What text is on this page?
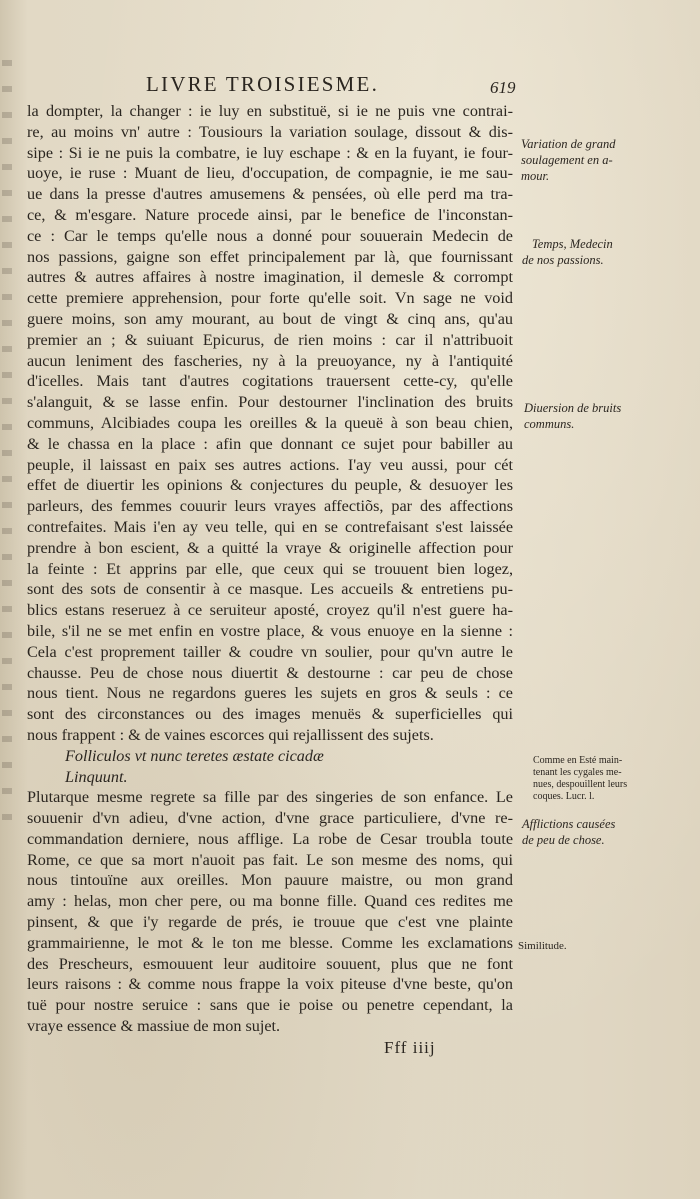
LIVRE TROISIESME.	619
la dompter, la changer : ie luy en substituë, si ie ne puis vne contrai-
re, au moins vn' autre : Tousiours la variation soulage, dissout & dis-
sipe : Si ie ne puis la combatre, ie luy eschape : & en la fuyant, ie four-
uoye, ie ruse : Muant de lieu, d'occupation, de compagnie, ie me sau-
ue dans la presse d'autres amusemens & pensées, où elle perd ma tra-
ce, & m'esgare. Nature procede ainsi, par le benefice de l'inconstan-
ce : Car le temps qu'elle nous a donné pour souuerain Medecin de
nos passions, gaigne son effet principalement par là, que fournissant
autres & autres affaires à nostre imagination, il demesle & corrompt
cette premiere apprehension, pour forte qu'elle soit. Vn sage ne void
guere moins, son amy mourant, au bout de vingt & cinq ans, qu'au
premier an ; & suiuant Epicurus, de rien moins : car il n'attribuoit
aucun leniment des fascheries, ny à la preuoyance, ny à l'antiquité
d'icelles. Mais tant d'autres cogitations trauersent cette-cy, qu'elle
s'alanguit, & se lasse enfin. Pour destourner l'inclination des bruits
communs, Alcibiades coupa les oreilles & la queuë à son beau chien,
& le chassa en la place : afin que donnant ce sujet pour babiller au
peuple, il laissast en paix ses autres actions. I'ay veu aussi, pour cét
effet de diuertir les opinions & conjectures du peuple, & desuoyer les
parleurs, des femmes couurir leurs vrayes affectiõs, par des affections
contrefaites. Mais i'en ay veu telle, qui en se contrefaisant s'est laissée
prendre à bon escient, & a quitté la vraye & originelle affection pour
la feinte : Et apprins par elle, que ceux qui se trouuent bien logez,
sont des sots de consentir à ce masque. Les accueils & entretiens pu-
blics estans reseruez à ce seruiteur aposté, croyez qu'il n'est guere ha-
bile, s'il ne se met enfin en vostre place, & vous enuoye en la sienne :
Cela c'est proprement tailler & coudre vn soulier, pour qu'vn autre le
chausse. Peu de chose nous diuertit & destourne : car peu de chose
nous tient. Nous ne regardons gueres les sujets en gros & seuls : ce
sont des circonstances ou des images menuës & superficielles qui
nous frappent : & de vaines escorces qui rejallissent des sujets.
Folliculos vt nunc teretes æstate cicadæ
Linquunt.
Plutarque mesme regrete sa fille par des singeries de son enfance. Le
souuenir d'vn adieu, d'vne action, d'vne grace particuliere, d'vne re-
commandation derniere, nous afflige. La robe de Cesar troubla toute
Rome, ce que sa mort n'auoit pas fait. Le son mesme des noms, qui
nous tintouïne aux oreilles. Mon pauure maistre, ou mon grand
amy : helas, mon cher pere, ou ma bonne fille. Quand ces redites me
pinsent, & que i'y regarde de prés, ie trouue que c'est vne plainte
grammairienne, le mot & le ton me blesse. Comme les exclamations
des Prescheurs, esmouuent leur auditoire souuent, plus que ne font
leurs raisons : & comme nous frappe la voix piteuse d'vne beste, qu'on
tuë pour nostre seruice : sans que ie poise ou penetre cependant, la
vraye essence & massiue de mon sujet.
Fff iiij
Variation de grand
soulagement en a-
mour.
Temps, Medecin
de nos passions.
Diuersion de bruits
communs.
Comme en Esté main-
tenant les cygales me-
nues, despouillent leurs
coques. Lucr. l.
Afflictions causées
de peu de chose.
Similitude.
